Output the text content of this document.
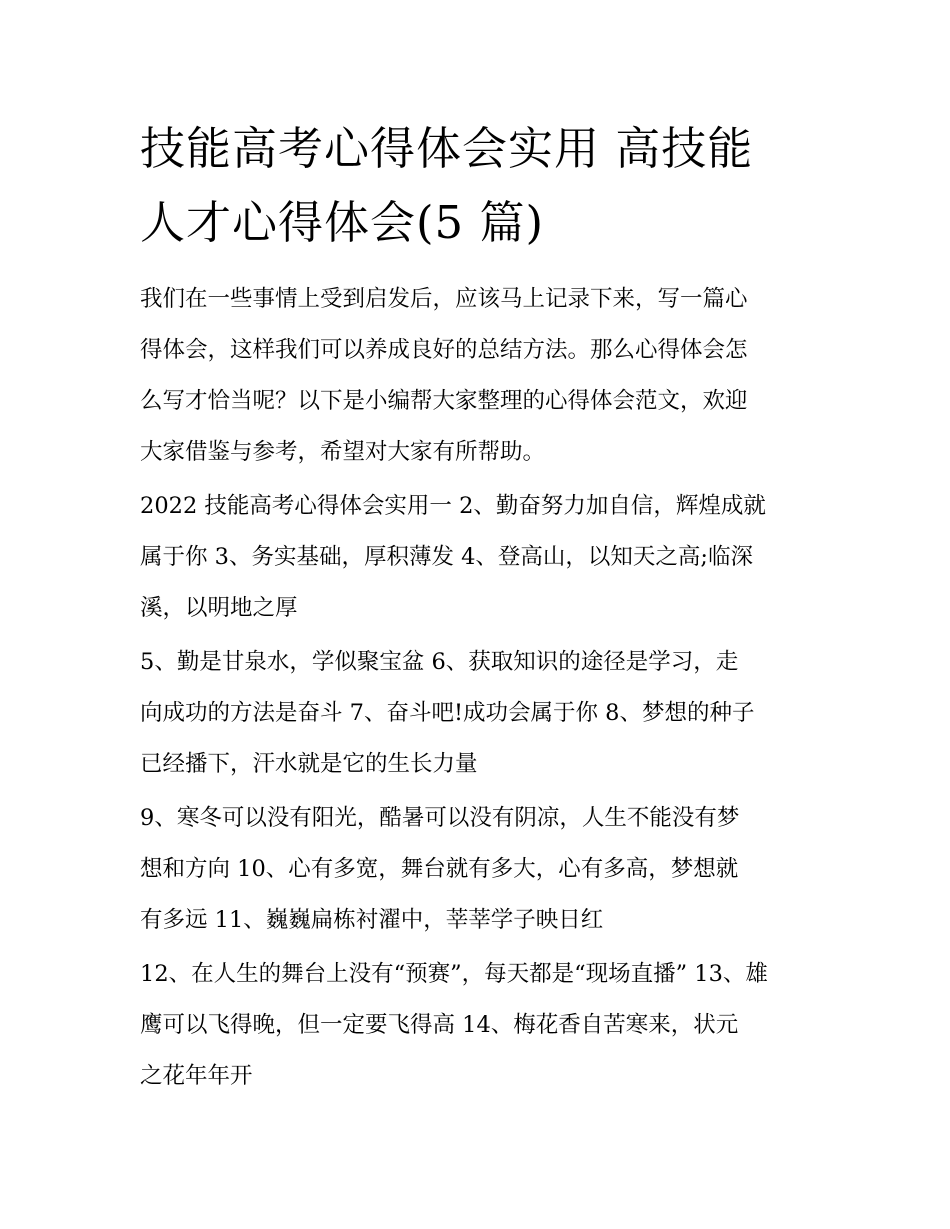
技能高考心得体会实用 高技能
人才心得体会(5 篇)

我们在一些事情上受到启发后，应该马上记录下来，写一篇心
得体会，这样我们可以养成良好的总结方法。那么心得体会怎
么写才恰当呢？以下是小编帮大家整理的心得体会范文，欢迎
大家借鉴与参考，希望对大家有所帮助。

2022 技能高考心得体会实用一 2、勤奋努力加自信，辉煌成就
属于你 3、务实基础，厚积薄发 4、登高山，以知天之高;临深
溪，以明地之厚

5、勤是甘泉水，学似聚宝盆 6、获取知识的途径是学习，走
向成功的方法是奋斗 7、奋斗吧!成功会属于你 8、梦想的种子
已经播下，汗水就是它的生长力量

9、寒冬可以没有阳光，酷暑可以没有阴凉，人生不能没有梦
想和方向 10、心有多宽，舞台就有多大，心有多高，梦想就
有多远 11、巍巍扁栋衬濯中，莘莘学子映日红

12、在人生的舞台上没有“预赛”，每天都是“现场直播” 13、雄
鹰可以飞得晚，但一定要飞得高 14、梅花香自苦寒来，状元
之花年年开
